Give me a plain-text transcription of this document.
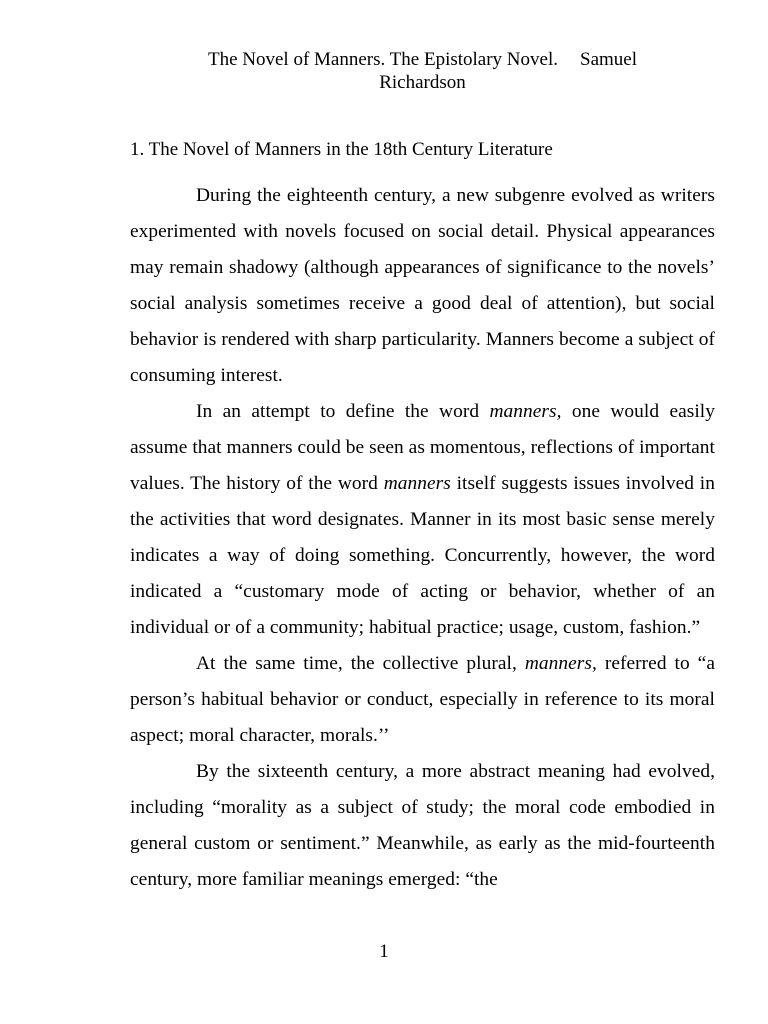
The Novel of Manners. The Epistolary Novel. Samuel
Richardson
1. The Novel of Manners in the 18th Century Literature

During the eighteenth century, a new subgenre evolved as writers experimented with novels focused on social detail. Physical appearances may remain shadowy (although appearances of significance to the novels’ social analysis sometimes receive a good deal of attention), but social behavior is rendered with sharp particularity. Manners become a subject of consuming interest.

In an attempt to define the word manners, one would easily assume that manners could be seen as momentous, reflections of important values. The history of the word manners itself suggests issues involved in the activities that word designates. Manner in its most basic sense merely indicates a way of doing something. Concurrently, however, the word indicated a “customary mode of acting or behavior, whether of an individual or of a community; habitual practice; usage, custom, fashion.”

At the same time, the collective plural, manners, referred to “a person’s habitual behavior or conduct, especially in reference to its moral aspect; moral character, morals.’’

By the sixteenth century, a more abstract meaning had evolved, including “morality as a subject of study; the moral code embodied in general custom or sentiment.” Meanwhile, as early as the mid-fourteenth century, more familiar meanings emerged: “the

1
